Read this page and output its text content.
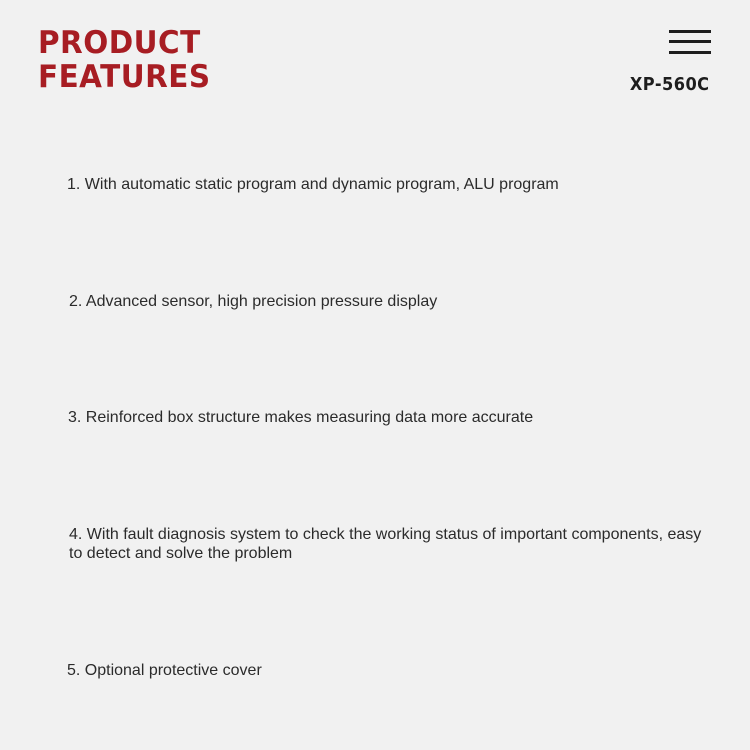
PRODUCT
FEATURES	XP-560C
1. With automatic static program and dynamic program, ALU program
2. Advanced sensor, high precision pressure display
3. Reinforced box structure makes measuring data more accurate
4. With fault diagnosis system to check the working status of important components, easy to detect and solve the problem
5. Optional protective cover
